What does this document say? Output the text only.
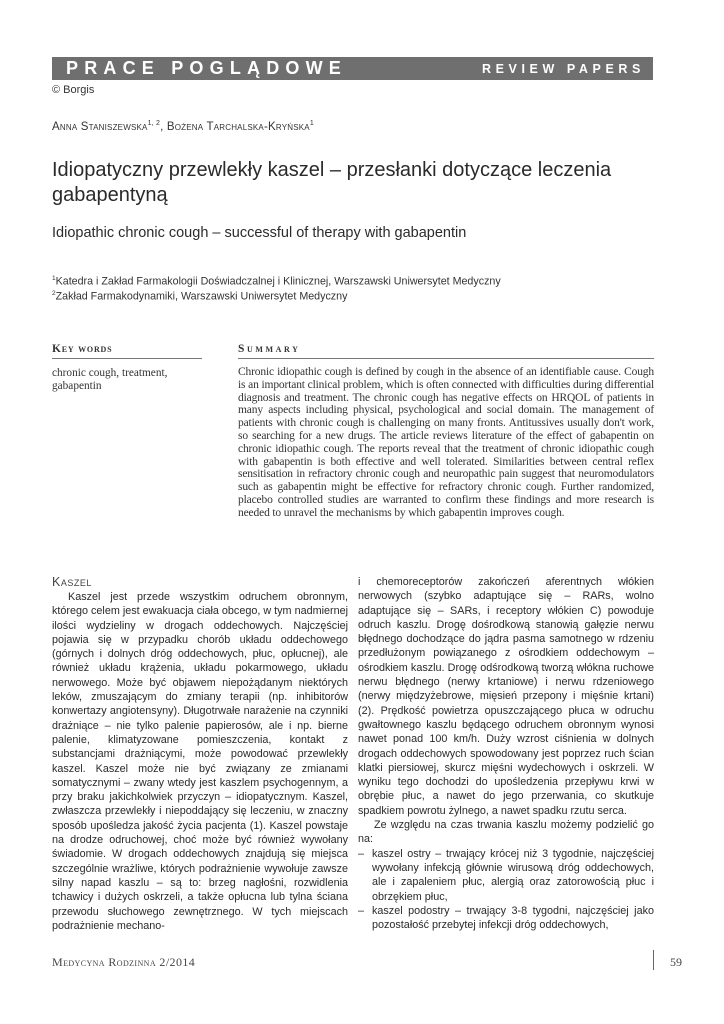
PRACE POGLĄDOWE	REVIEW PAPERS
© Borgis
Anna Staniszewska$^{1, 2}$, Bożena Tarchalska-Kryńska$^1$
Idiopatyczny przewlekły kaszel – przesłanki dotyczące leczenia gabapentyną
Idiopathic chronic cough – successful of therapy with gabapentin
$^1$Katedra i Zakład Farmakologii Doświadczalnej i Klinicznej, Warszawski Uniwersytet Medyczny
$^2$Zakład Farmakodynamiki, Warszawski Uniwersytet Medyczny
Key words
chronic cough, treatment, gabapentin
Summary
Chronic idiopathic cough is defined by cough in the absence of an identifiable cause. Cough is an important clinical problem, which is often connected with difficulties during differential diagnosis and treatment. The chronic cough has negative effects on HRQOL of patients in many aspects including physical, psychological and social domain. The management of patients with chronic cough is challenging on many fronts. Antitussives usually don't work, so searching for a new drugs. The article reviews literature of the effect of gabapentin on chronic idiopathic cough. The reports reveal that the treatment of chronic idiopathic cough with gabapentin is both effective and well tolerated. Similarities between central reflex sensitisation in refractory chronic cough and neuropathic pain suggest that neuromodulators such as gabapentin might be effective for refractory chronic cough. Further randomized, placebo controlled studies are warranted to confirm these findings and more research is needed to unravel the mechanisms by which gabapentin improves cough.
Kaszel

Kaszel jest przede wszystkim odruchem obronnym, którego celem jest ewakuacja ciała obcego, w tym nadmiernej ilości wydzieliny w drogach oddechowych. Najczęściej pojawia się w przypadku chorób układu oddechowego (górnych i dolnych dróg oddechowych, płuc, opłucnej), ale również układu krążenia, układu pokarmowego, układu nerwowego. Może być objawem niepożądanym niektórych leków, zmuszającym do zmiany terapii (np. inhibitorów konwertazy angiotensyny). Długotrwałe narażenie na czynniki drażniące – nie tylko palenie papierosów, ale i np. bierne palenie, klimatyzowane pomieszczenia, kontakt z substancjami drażniącymi, może powodować przewlekły kaszel. Kaszel może nie być związany ze zmianami somatycznymi – zwany wtedy jest kaszlem psychogennym, a przy braku jakichkolwiek przyczyn – idiopatycznym. Kaszel, zwłaszcza przewlekły i niepoddający się leczeniu, w znaczny sposób upośledza jakość życia pacjenta (1). Kaszel powstaje na drodze odruchowej, choć może być również wywołany świadomie. W drogach oddechowych znajdują się miejsca szczególnie wrażliwe, których podrażnienie wywołuje zawsze silny napad kaszlu – są to: brzeg nagłośni, rozwidlenia tchawicy i dużych oskrzeli, a także opłucna lub tylna ściana przewodu słuchowego zewnętrznego. W tych miejscach podrażnienie mechano-

i chemoreceptorów zakończeń aferentnych włókien nerwowych (szybko adaptujące się – RARs, wolno adaptujące się – SARs, i receptory włókien C) powoduje odruch kaszlu. Drogę dośrodkową stanowią gałęzie nerwu błędnego dochodzące do jądra pasma samotnego w rdzeniu przedłużonym powiązanego z ośrodkiem oddechowym – ośrodkiem kaszlu. Drogę odśrodkową tworzą włókna ruchowe nerwu błędnego (nerwy krtaniowe) i nerwu rdzeniowego (nerwy międzyżebrowe, mięsień przepony i mięśnie krtani) (2). Prędkość powietrza opuszczającego płuca w odruchu gwałtownego kaszlu będącego odruchem obronnym wynosi nawet ponad 100 km/h. Duży wzrost ciśnienia w dolnych drogach oddechowych spowodowany jest poprzez ruch ścian klatki piersiowej, skurcz mięśni wydechowych i oskrzeli. W wyniku tego dochodzi do upośledzenia przepływu krwi w obrębie płuc, a nawet do jego przerwania, co skutkuje spadkiem powrotu żylnego, a nawet spadku rzutu serca.

Ze względu na czas trwania kaszlu możemy podzielić go na:

– kaszel ostry – trwający krócej niż 3 tygodnie, najczęściej wywołany infekcją głównie wirusową dróg oddechowych, ale i zapaleniem płuc, alergią oraz zatorowością płuc i obrzękiem płuc,
– kaszel podostry – trwający 3-8 tygodni, najczęściej jako pozostałość przebytej infekcji dróg oddechowych,
Medycyna Rodzinna 2/2014	59
